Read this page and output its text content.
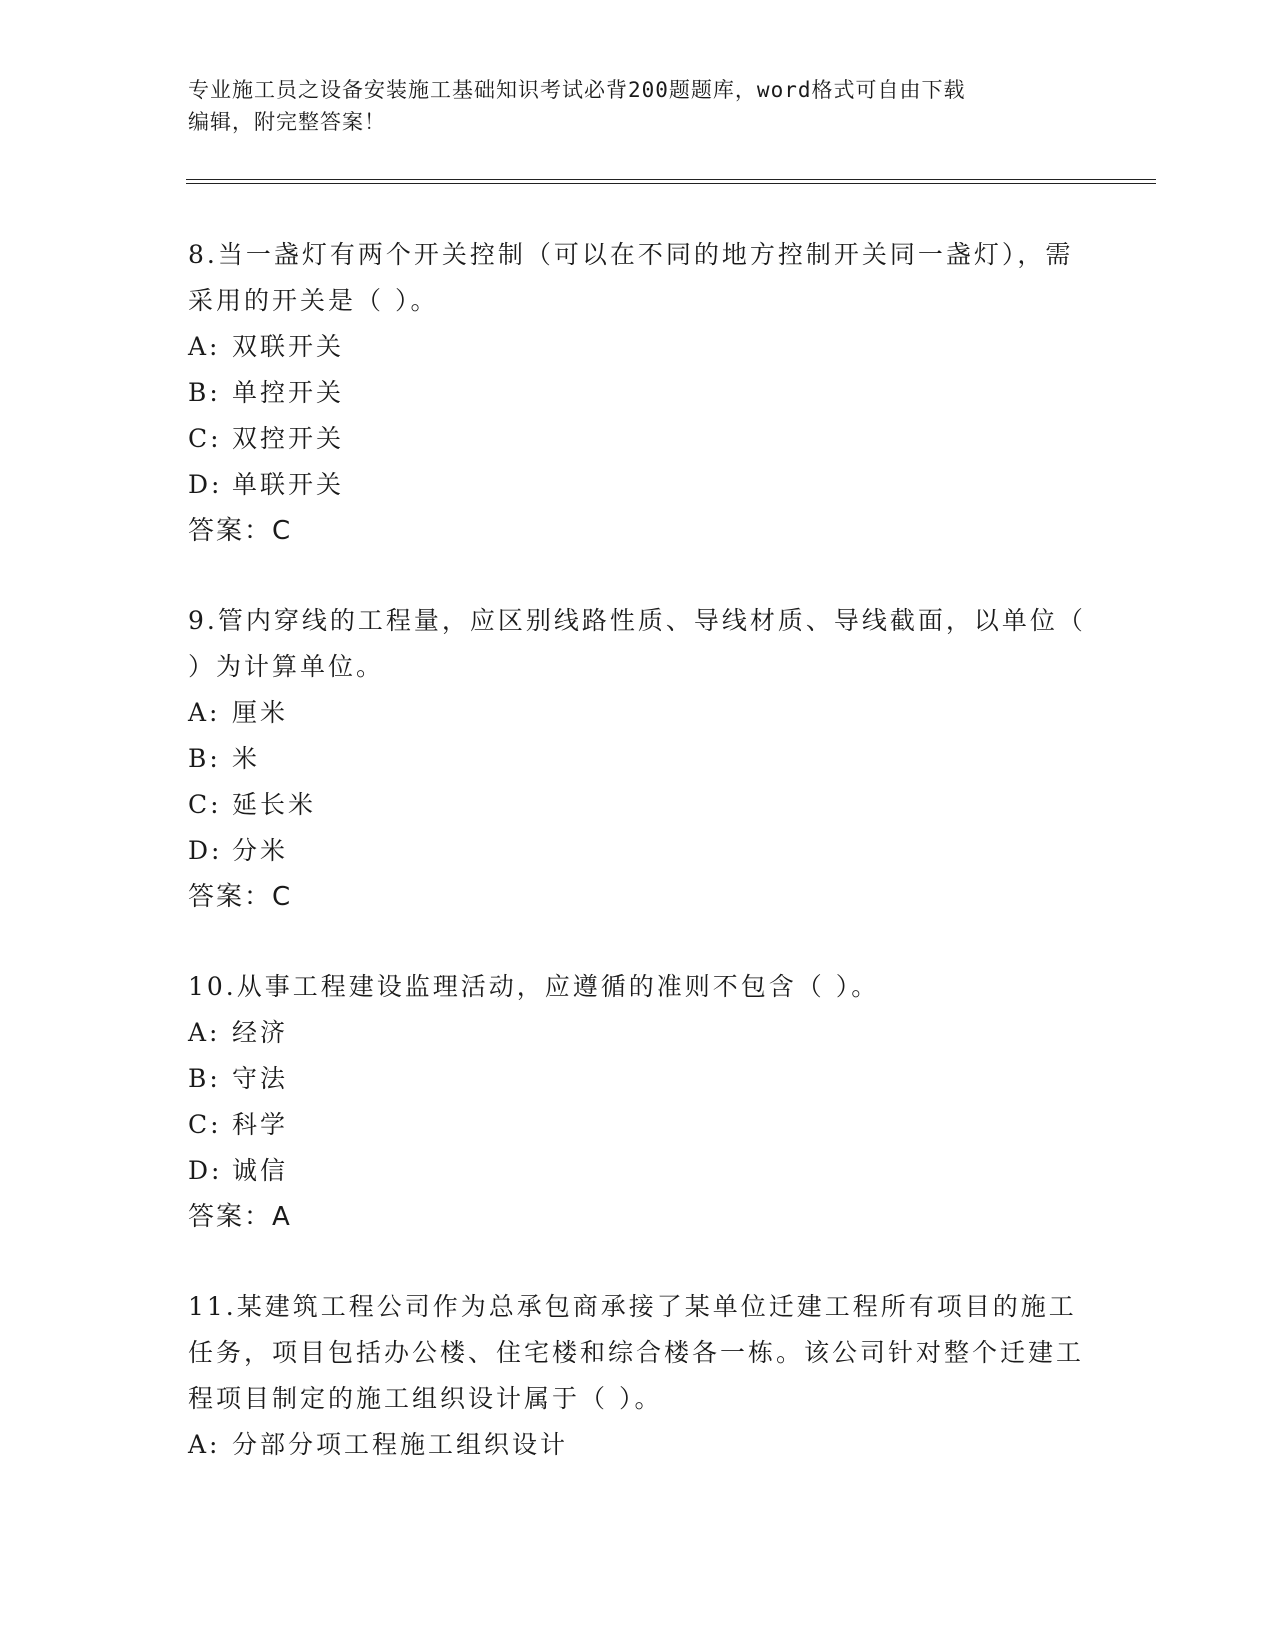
专业施工员之设备安装施工基础知识考试必背200题题库，word格式可自由下载
编辑，附完整答案！

8.当一盏灯有两个开关控制（可以在不同的地方控制开关同一盏灯），需采用的开关是（ ）。

A: 双联开关

B: 单控开关

C: 双控开关

D: 单联开关

答案：C

9.管内穿线的工程量，应区别线路性质、导线材质、导线截面，以单位（ ）为计算单位。

A: 厘米

B: 米

C: 延长米

D: 分米

答案：C

10.从事工程建设监理活动，应遵循的准则不包含（ ）。

A: 经济

B: 守法

C: 科学

D: 诚信

答案：A

11.某建筑工程公司作为总承包商承接了某单位迁建工程所有项目的施工任务，项目包括办公楼、住宅楼和综合楼各一栋。该公司针对整个迁建工程项目制定的施工组织设计属于（ ）。

A: 分部分项工程施工组织设计
